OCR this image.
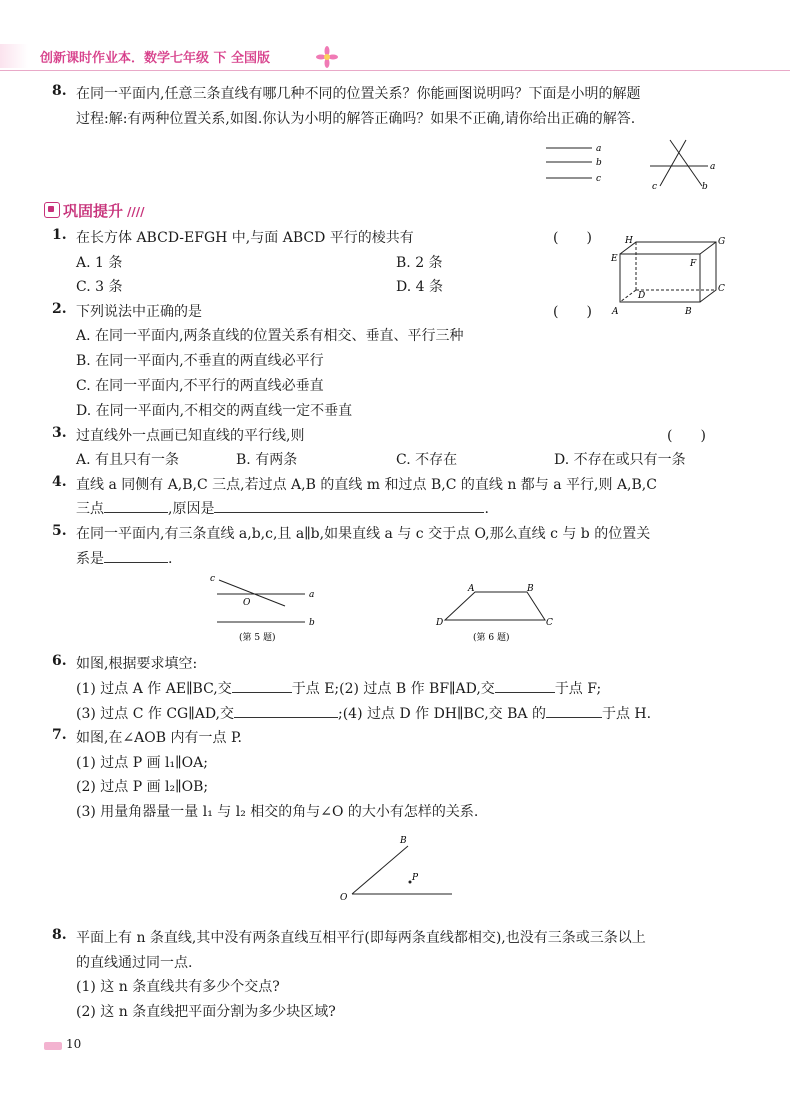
创新课时作业本．数学七年级 下 全国版
8. 在同一平面内,任意三条直线有哪几种不同的位置关系？你能画图说明吗？下面是小明的解题
过程:解:有两种位置关系,如图.你认为小明的解答正确吗？如果不正确,请你给出正确的解答.
a
b
c
a
c	b
巩固提升 ////
1. 在长方体 ABCD-EFGH 中,与面 ABCD 平行的棱共有	(　　)
A. 1 条	B. 2 条
C. 3 条	D. 4 条
H	G
E	F
D
C
A	B
2. 下列说法中正确的是	(　　)
A. 在同一平面内,两条直线的位置关系有相交、垂直、平行三种
B. 在同一平面内,不垂直的两直线必平行
C. 在同一平面内,不平行的两直线必垂直
D. 在同一平面内,不相交的两直线一定不垂直
3. 过直线外一点画已知直线的平行线,则	(　　)
A. 有且只有一条	B. 有两条	C. 不存在	D. 不存在或只有一条
4. 直线 a 同侧有 A,B,C 三点,若过点 A,B 的直线 m 和过点 B,C 的直线 n 都与 a 平行,则 A,B,C
三点	,原因是	.
5. 在同一平面内,有三条直线 a,b,c,且 a∥b,如果直线 a 与 c 交于点 O,那么直线 c 与 b 的位置关
系是	.
c
a
O
b
(第 5 题)
A	B
C
D
(第 6 题)
6. 如图,根据要求填空:
(1) 过点 A 作 AE∥BC,交	于点 E;(2) 过点 B 作 BF∥AD,交	于点 F;
(3) 过点 C 作 CG∥AD,交	;(4) 过点 D 作 DH∥BC,交 BA 的	于点 H.
7. 如图,在∠AOB 内有一点 P.
(1) 过点 P 画 l₁∥OA;
(2) 过点 P 画 l₂∥OB;
(3) 用量角器量一量 l₁ 与 l₂ 相交的角与∠O 的大小有怎样的关系.
B
P
O
8. 平面上有 n 条直线,其中没有两条直线互相平行(即每两条直线都相交),也没有三条或三条以上
的直线通过同一点.
(1) 这 n 条直线共有多少个交点?
(2) 这 n 条直线把平面分割为多少块区域?
10
